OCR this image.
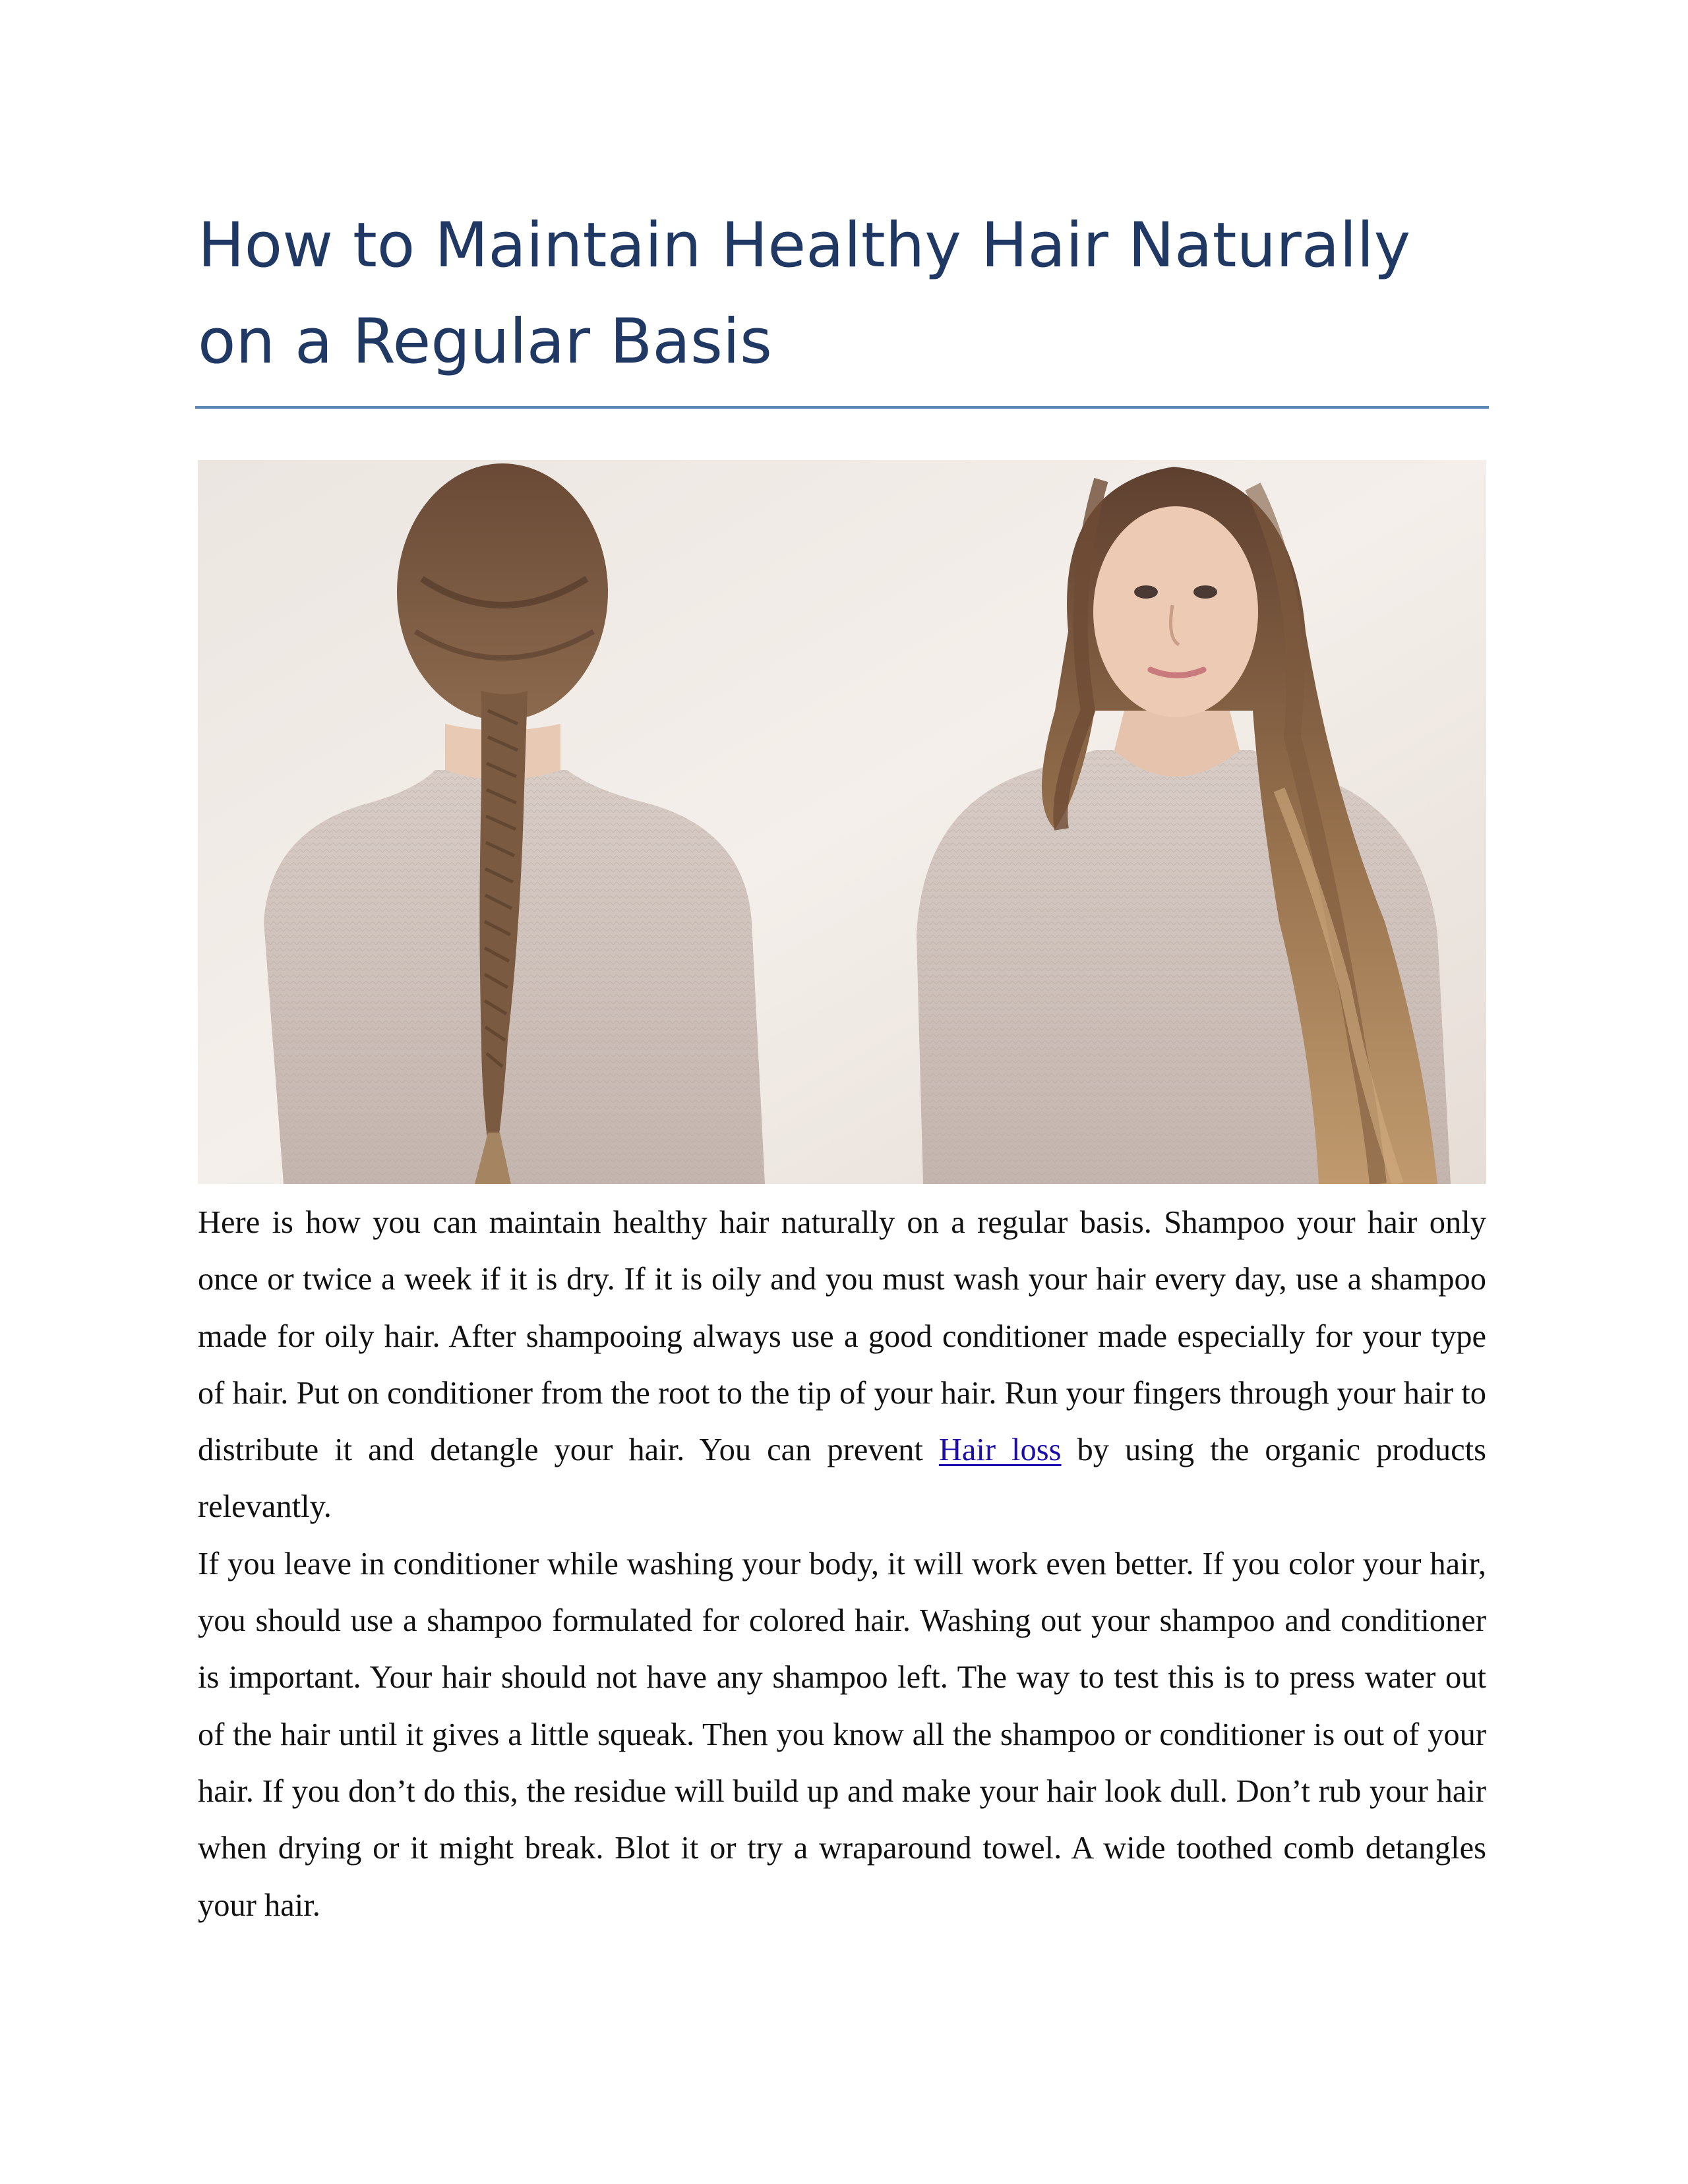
How to Maintain Healthy Hair Naturally on a Regular Basis

Here is how you can maintain healthy hair naturally on a regular basis. Shampoo your hair only once or twice a week if it is dry. If it is oily and you must wash your hair every day, use a shampoo made for oily hair. After shampooing always use a good conditioner made especially for your type of hair. Put on conditioner from the root to the tip of your hair. Run your fingers through your hair to distribute it and detangle your hair. You can prevent Hair loss by using the organic products relevantly.

If you leave in conditioner while washing your body, it will work even better. If you color your hair, you should use a shampoo formulated for colored hair. Washing out your shampoo and conditioner is important. Your hair should not have any shampoo left. The way to test this is to press water out of the hair until it gives a little squeak. Then you know all the shampoo or conditioner is out of your hair. If you don’t do this, the residue will build up and make your hair look dull. Don’t rub your hair when drying or it might break. Blot it or try a wraparound towel. A wide toothed comb detangles your hair.
